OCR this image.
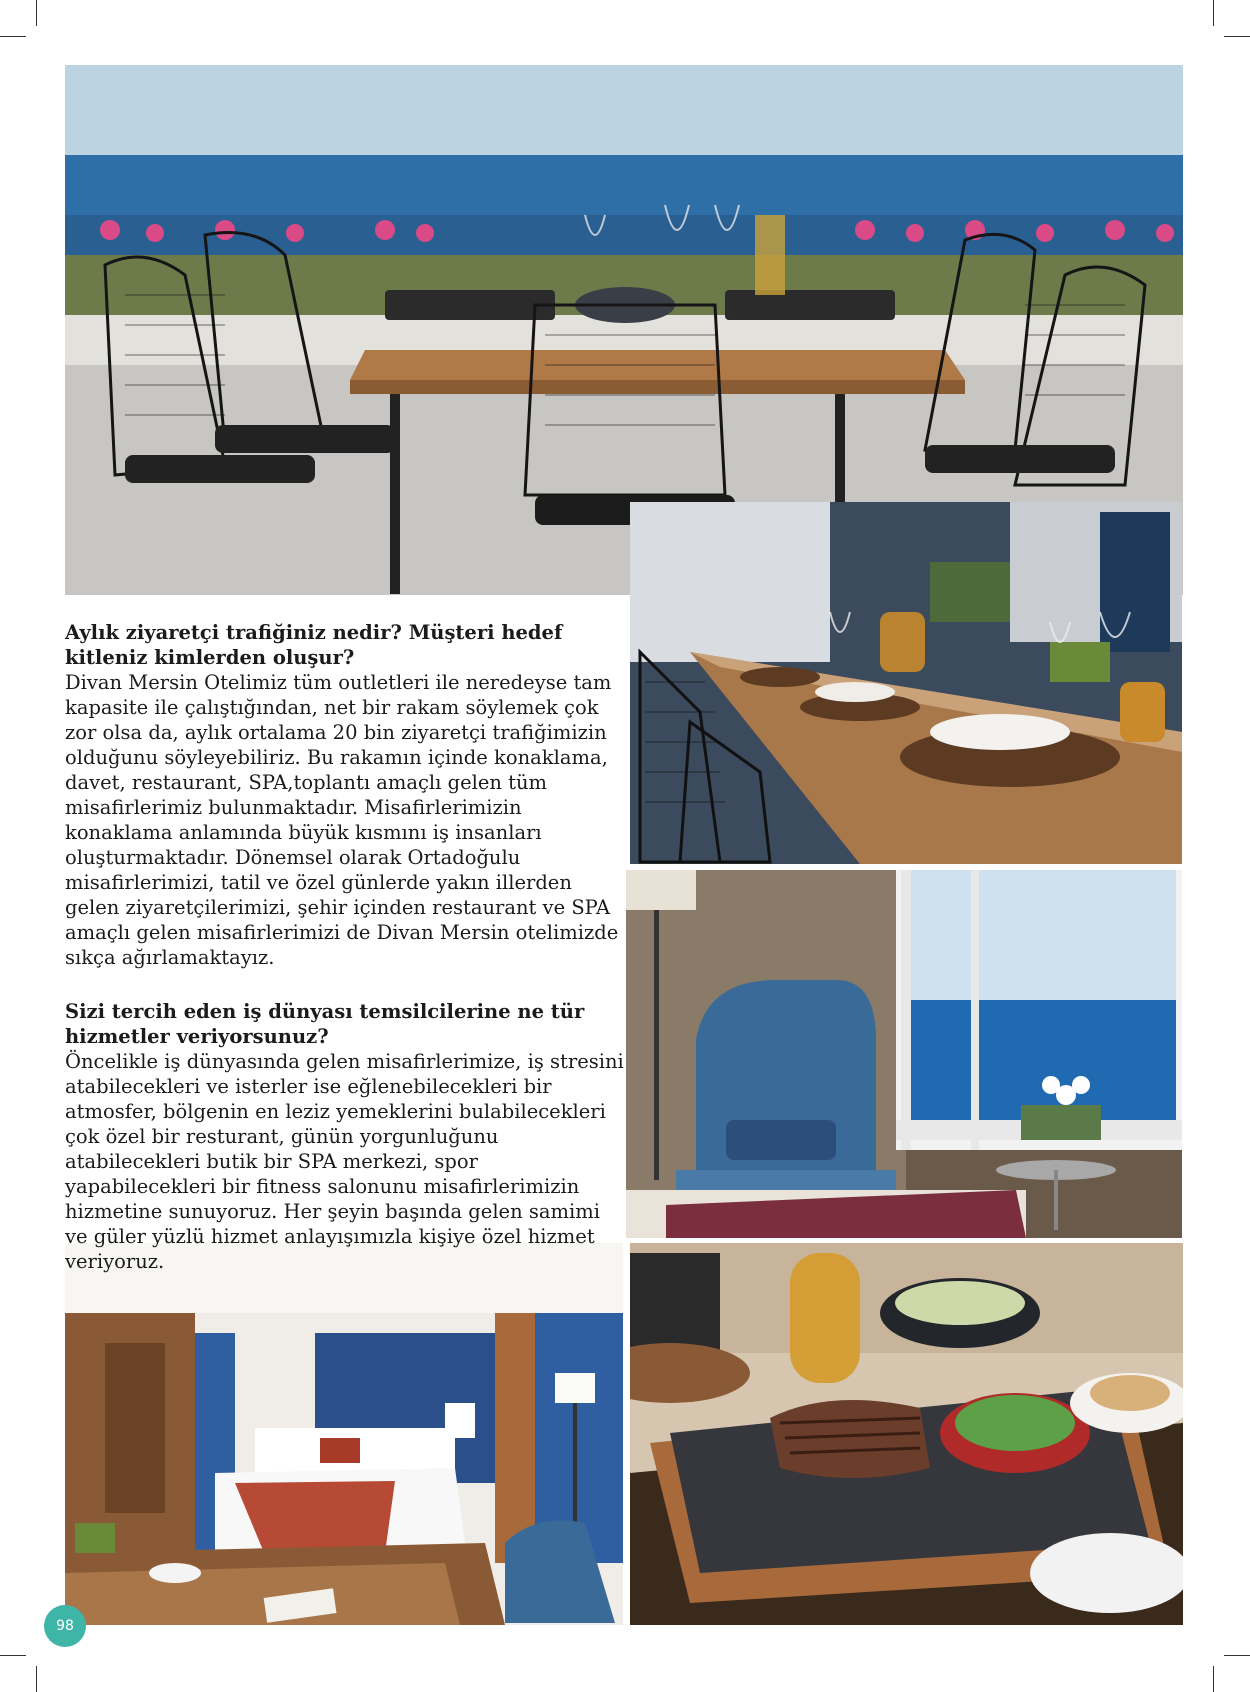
Aylık ziyaretçi trafiğiniz nedir? Müşteri hedef kitleniz kimlerden oluşur?

Divan Mersin Otelimiz tüm outletleri ile neredeyse tam kapasite ile çalıştığından, net bir rakam söylemek çok zor olsa da, aylık ortalama 20 bin ziyaretçi trafiğimizin olduğunu söyleyebiliriz. Bu rakamın içinde konaklama, davet, restaurant, SPA,toplantı amaçlı gelen tüm misafirlerimiz bulunmaktadır. Misafirlerimizin konaklama anlamında büyük kısmını iş insanları oluşturmaktadır. Dönemsel olarak Ortadoğulu misafirlerimizi, tatil ve özel günlerde yakın illerden gelen ziyaretçilerimizi, şehir içinden restaurant ve SPA amaçlı gelen misafirlerimizi de Divan Mersin otelimizde sıkça ağırlamaktayız.

Sizi tercih eden iş dünyası temsilcilerine ne tür hizmetler veriyorsunuz?

Öncelikle iş dünyasında gelen misafirlerimize, iş stresini atabilecekleri ve isterler ise eğlenebilecekleri bir atmosfer, bölgenin en leziz yemeklerini bulabilecekleri çok özel bir resturant, günün yorgunluğunu atabilecekleri butik bir SPA merkezi, spor yapabilecekleri bir fitness salonunu misafirlerimizin hizmetine sunuyoruz. Her şeyin başında gelen samimi ve güler yüzlü hizmet anlayışımızla kişiye özel hizmet veriyoruz.

98
